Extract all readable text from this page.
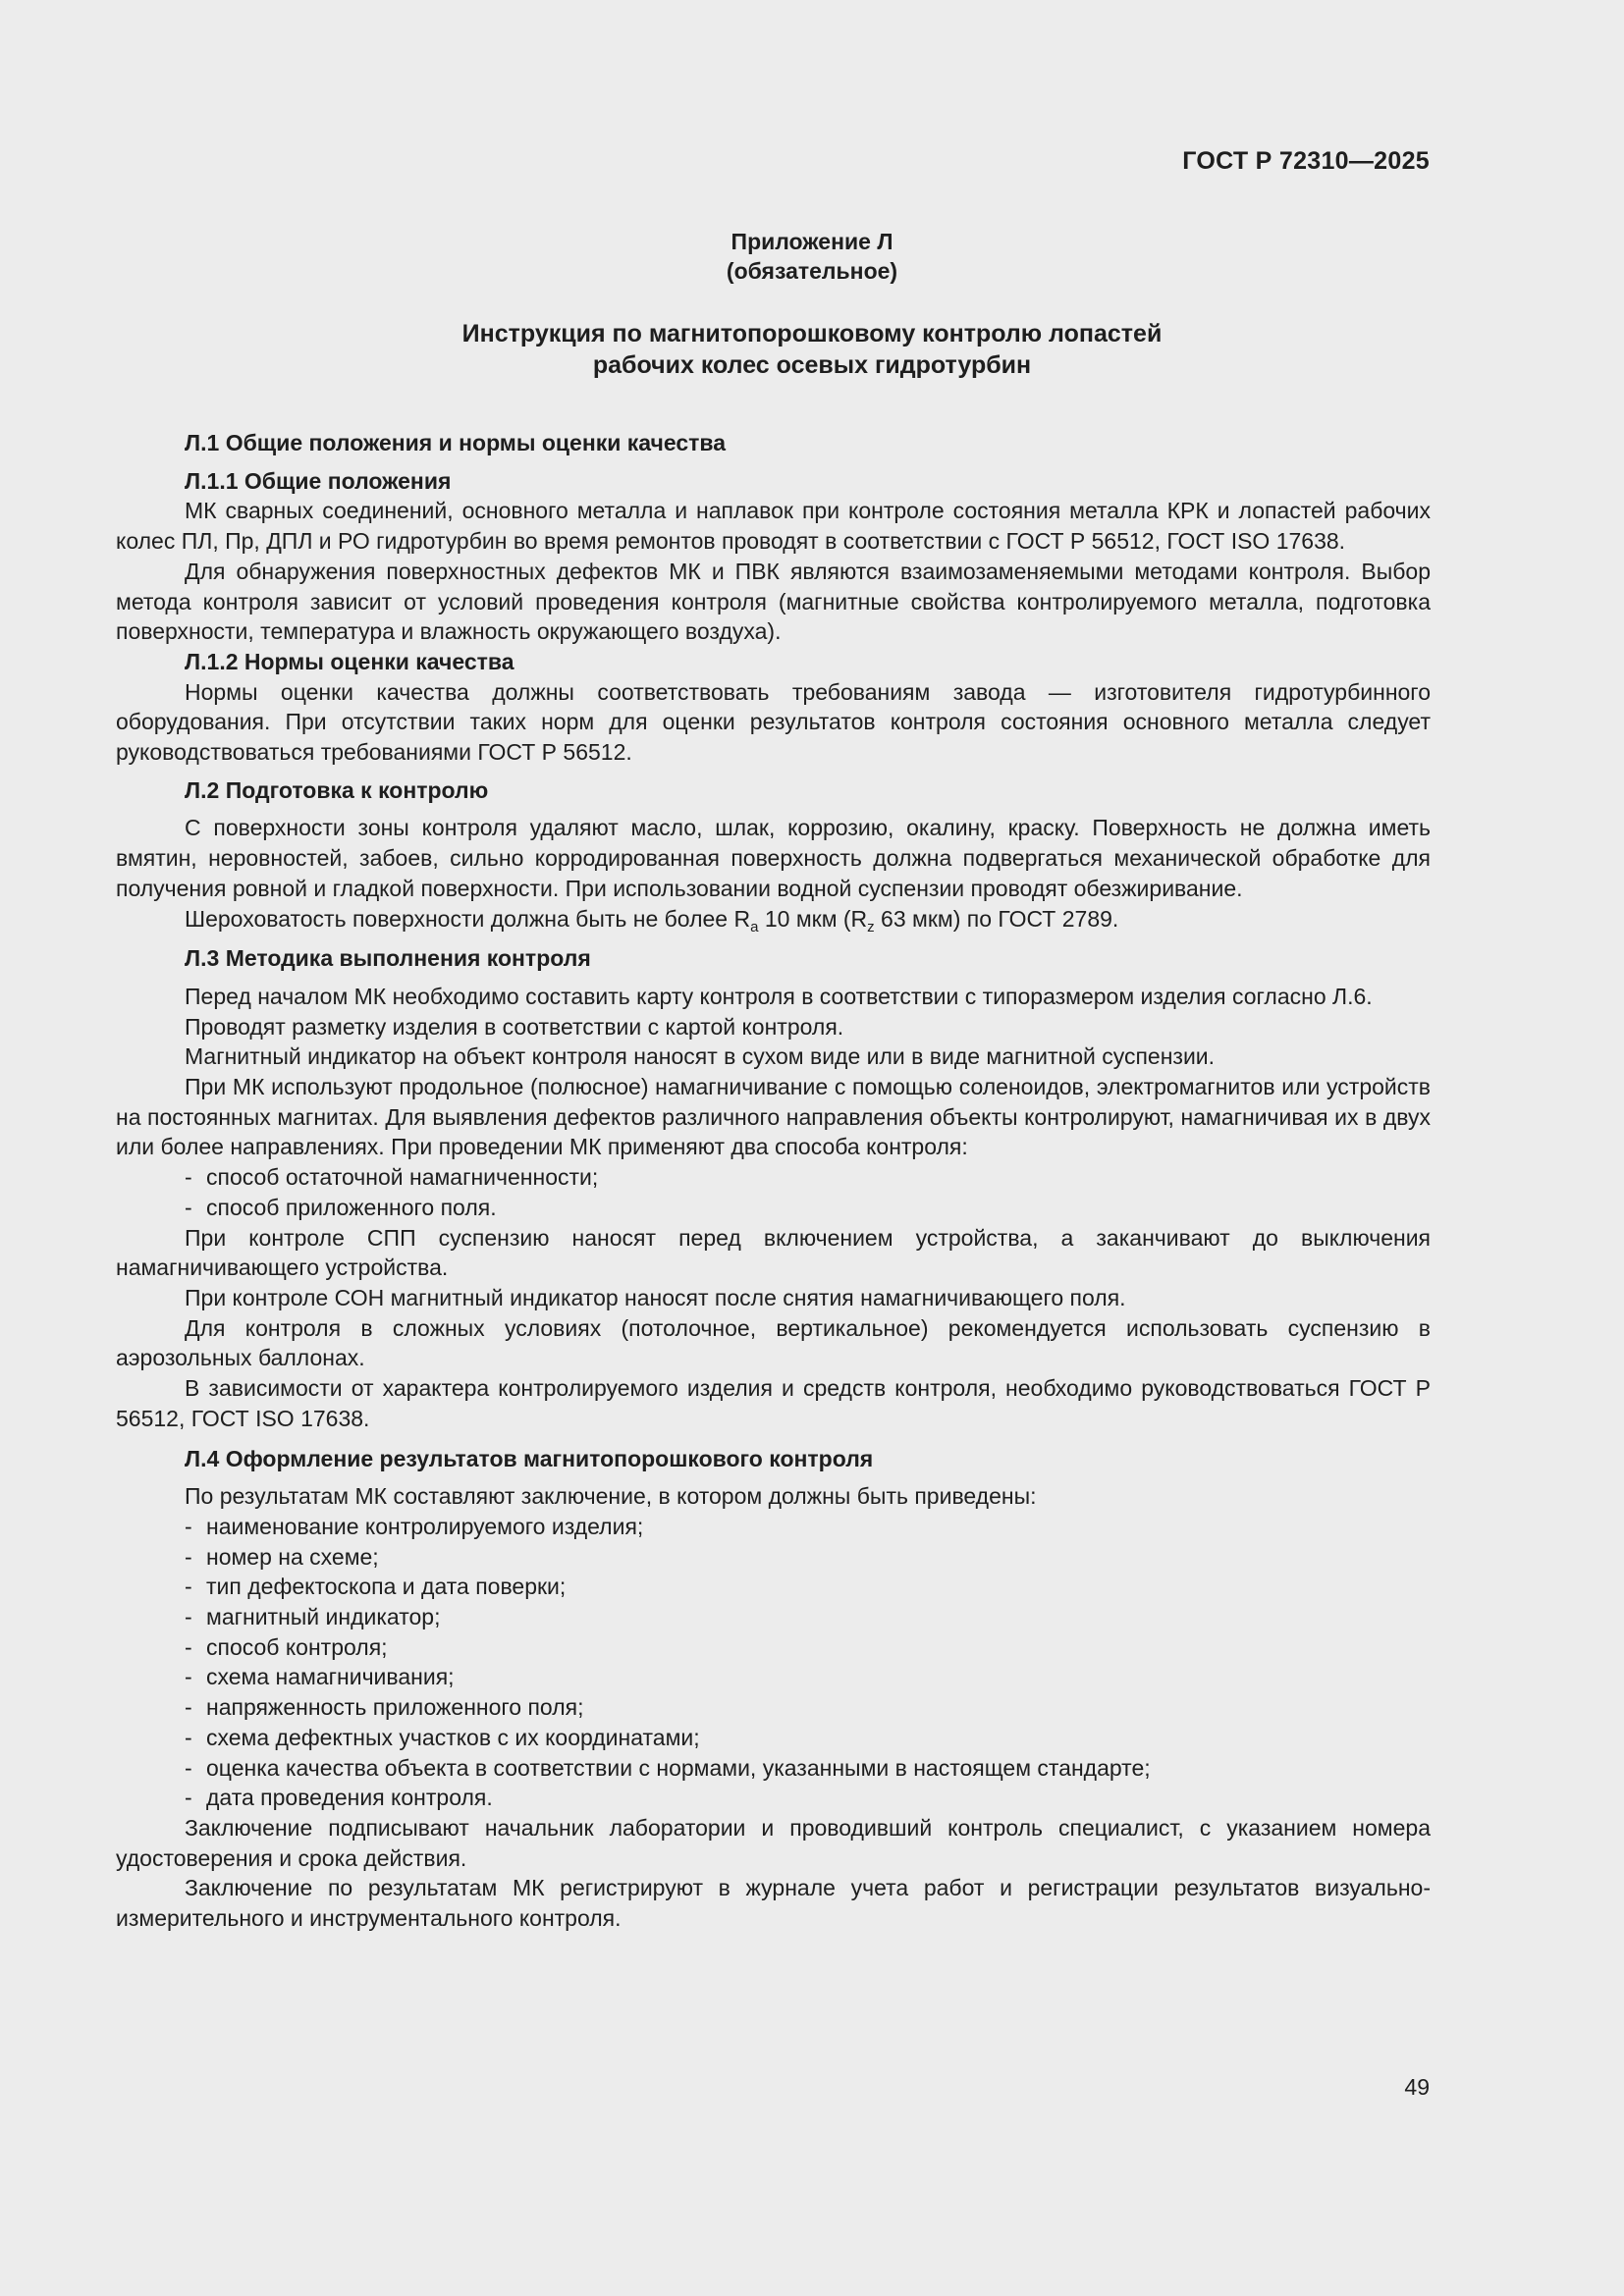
ГОСТ Р 72310—2025
Приложение Л
(обязательное)
Инструкция по магнитопорошковому контролю лопастей
рабочих колес осевых гидротурбин
Л.1 Общие положения и нормы оценки качества
Л.1.1 Общие положения

МК сварных соединений, основного металла и наплавок при контроле состояния металла КРК и лопастей рабочих колес ПЛ, Пр, ДПЛ и РО гидротурбин во время ремонтов проводят в соответствии с ГОСТ Р 56512, ГОСТ ISO 17638.

Для обнаружения поверхностных дефектов МК и ПВК являются взаимозаменяемыми методами контроля. Выбор метода контроля зависит от условий проведения контроля (магнитные свойства контролируемого металла, подготовка поверхности, температура и влажность окружающего воздуха).

Л.1.2 Нормы оценки качества

Нормы оценки качества должны соответствовать требованиям завода — изготовителя гидротурбинного оборудования. При отсутствии таких норм для оценки результатов контроля состояния основного металла следует руководствоваться требованиями ГОСТ Р 56512.

Л.2 Подготовка к контролю

С поверхности зоны контроля удаляют масло, шлак, коррозию, окалину, краску. Поверхность не должна иметь вмятин, неровностей, забоев, сильно корродированная поверхность должна подвергаться механической обработке для получения ровной и гладкой поверхности. При использовании водной суспензии проводят обезжиривание.

Шероховатость поверхности должна быть не более $R_a$ 10 мкм ($R_z$ 63 мкм) по ГОСТ 2789.

Л.3 Методика выполнения контроля

Перед началом МК необходимо составить карту контроля в соответствии с типоразмером изделия согласно Л.6.

Проводят разметку изделия в соответствии с картой контроля.

Магнитный индикатор на объект контроля наносят в сухом виде или в виде магнитной суспензии.

При МК используют продольное (полюсное) намагничивание с помощью соленоидов, электромагнитов или устройств на постоянных магнитах. Для выявления дефектов различного направления объекты контролируют, намагничивая их в двух или более направлениях. При проведении МК применяют два способа контроля:

- способ остаточной намагниченности;
- способ приложенного поля.

При контроле СПП суспензию наносят перед включением устройства, а заканчивают до выключения намагничивающего устройства.

При контроле СОН магнитный индикатор наносят после снятия намагничивающего поля.

Для контроля в сложных условиях (потолочное, вертикальное) рекомендуется использовать суспензию в аэрозольных баллонах.

В зависимости от характера контролируемого изделия и средств контроля, необходимо руководствоваться ГОСТ Р 56512, ГОСТ ISO 17638.

Л.4 Оформление результатов магнитопорошкового контроля

По результатам МК составляют заключение, в котором должны быть приведены:

- наименование контролируемого изделия;
- номер на схеме;
- тип дефектоскопа и дата поверки;
- магнитный индикатор;
- способ контроля;
- схема намагничивания;
- напряженность приложенного поля;
- схема дефектных участков с их координатами;
- оценка качества объекта в соответствии с нормами, указанными в настоящем стандарте;
- дата проведения контроля.

Заключение подписывают начальник лаборатории и проводивший контроль специалист, с указанием номера удостоверения и срока действия.

Заключение по результатам МК регистрируют в журнале учета работ и регистрации результатов визуально-измерительного и инструментального контроля.

49
